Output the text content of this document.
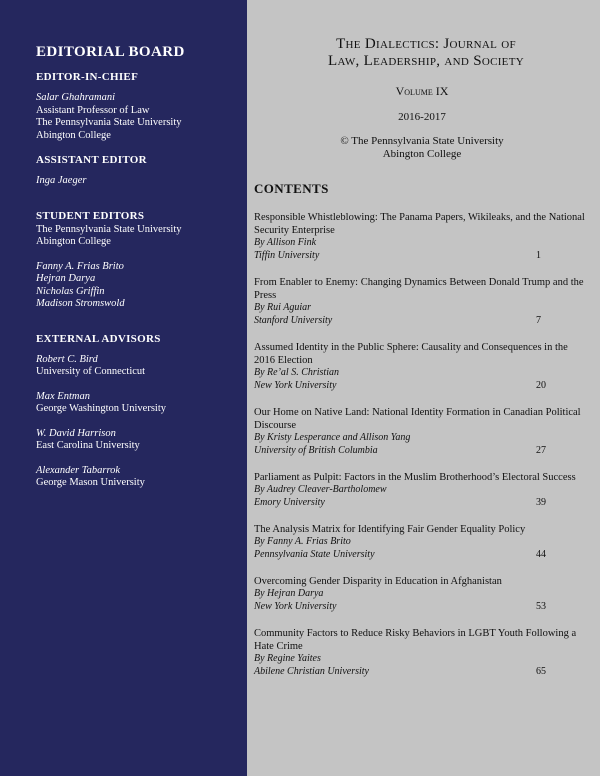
EDITORIAL BOARD
EDITOR-IN-CHIEF
Salar Ghahramani
Assistant Professor of Law
The Pennsylvania State University
Abington College
ASSISTANT EDITOR
Inga Jaeger
STUDENT EDITORS
The Pennsylvania State University
Abington College
Fanny A. Frias Brito
Hejran Darya
Nicholas Griffin
Madison Stromswold
EXTERNAL ADVISORS
Robert C. Bird
University of Connecticut
Max Entman
George Washington University
W. David Harrison
East Carolina University
Alexander Tabarrok
George Mason University
The Dialectics: Journal of
Law, Leadership, and Society
Volume IX
2016-2017
© The Pennsylvania State University
Abington College
CONTENTS
Responsible Whistleblowing: The Panama Papers, Wikileaks, and the National Security Enterprise
By Allison Fink
Tiffin University	1
From Enabler to Enemy: Changing Dynamics Between Donald Trump and the Press
By Rui Aguiar
Stanford University	7
Assumed Identity in the Public Sphere: Causality and Consequences in the 2016 Election
By Re’al S. Christian
New York University	20
Our Home on Native Land: National Identity Formation in Canadian Political Discourse
By Kristy Lesperance and Allison Yang
University of British Columbia	27
Parliament as Pulpit: Factors in the Muslim Brotherhood’s Electoral Success
By Audrey Cleaver-Bartholomew
Emory University	39
The Analysis Matrix for Identifying Fair Gender Equality Policy
By Fanny A. Frias Brito
Pennsylvania State University	44
Overcoming Gender Disparity in Education in Afghanistan
By Hejran Darya
New York University	53
Community Factors to Reduce Risky Behaviors in LGBT Youth Following a Hate Crime
By Regine Yaites
Abilene Christian University	65
